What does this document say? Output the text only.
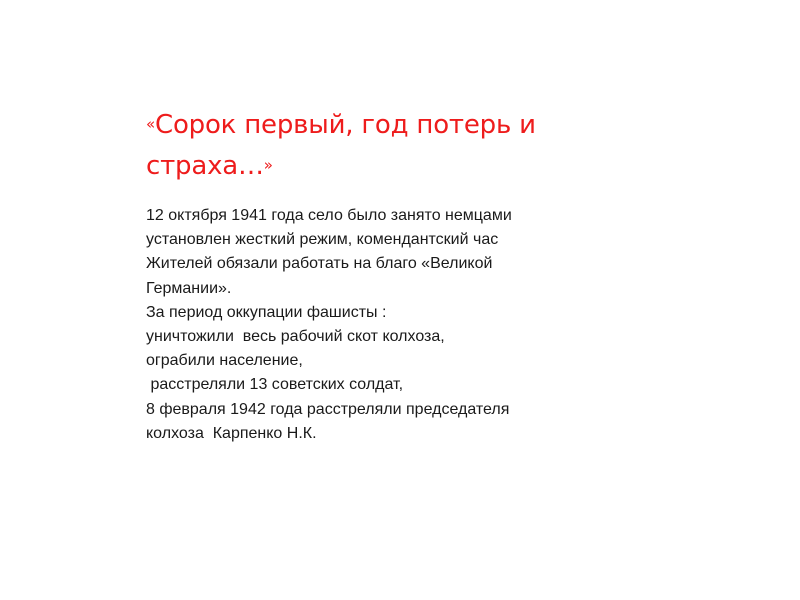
«Сорок первый, год потерь и
страха…»
12 октября 1941 года село было занято немцами
установлен жесткий режим, комендантский час
Жителей обязали работать на благо «Великой
Германии».
За период оккупации фашисты :
уничтожили  весь рабочий скот колхоза,
ограбили население,
расстреляли 13 советских солдат,
8 февраля 1942 года расстреляли председателя
колхоза  Карпенко Н.К.
